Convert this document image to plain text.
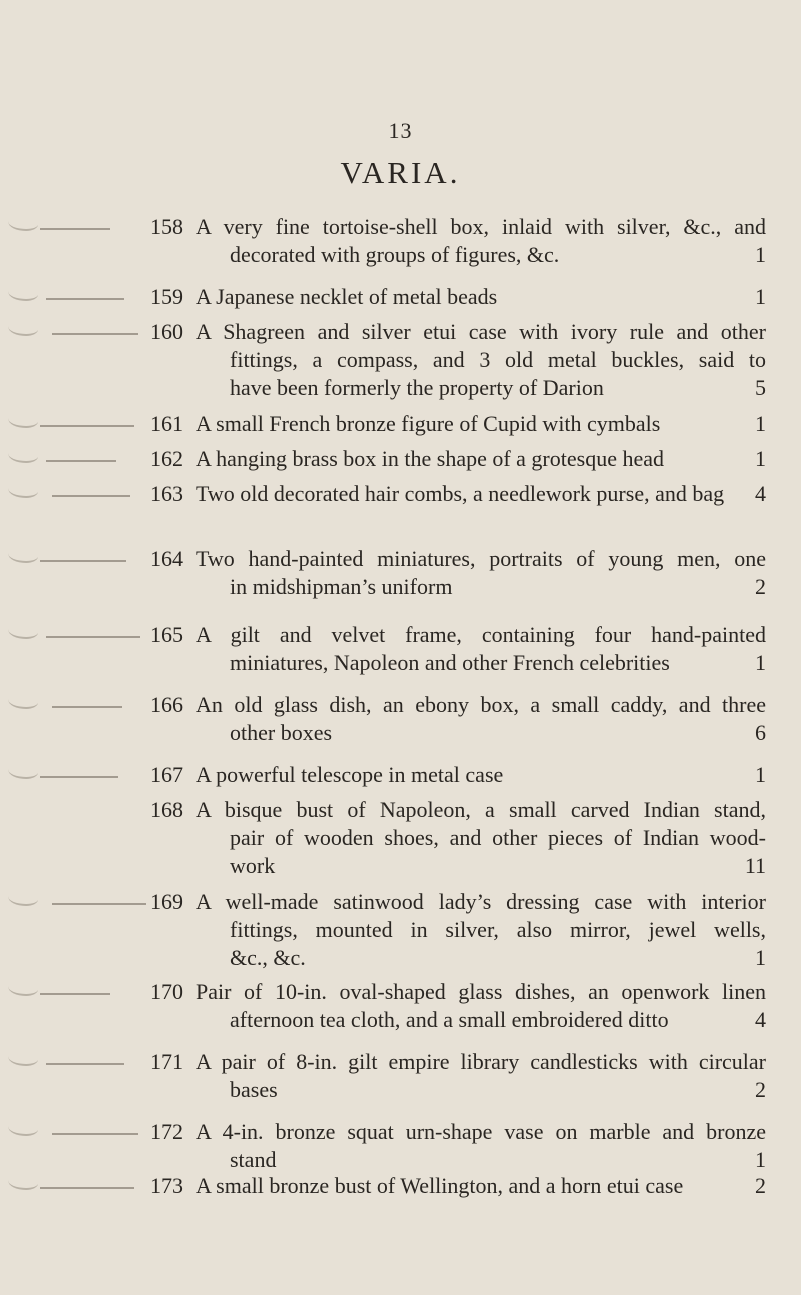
13
VARIA.
158 A very fine tortoise-shell box, inlaid with silver, &c., and
decorated with groups of figures, &c.	1
159 A Japanese necklet of metal beads	1
160 A Shagreen and silver etui case with ivory rule and other
fittings, a compass, and 3 old metal buckles, said to
have been formerly the property of Darion	5
161 A small French bronze figure of Cupid with cymbals	1
162 A hanging brass box in the shape of a grotesque head	1
163 Two old decorated hair combs, a needlework purse, and bag 4
164 Two hand-painted miniatures, portraits of young men, one
in midshipman’s uniform	2
165 A gilt and velvet frame, containing four hand-painted
miniatures, Napoleon and other French celebrities	1
166 An old glass dish, an ebony box, a small caddy, and three
other boxes	6
167 A powerful telescope in metal case	1
168 A bisque bust of Napoleon, a small carved Indian stand,
pair of wooden shoes, and other pieces of Indian wood-
work	11
169 A well-made satinwood lady’s dressing case with interior
fittings, mounted in silver, also mirror, jewel wells,
&c., &c.	1
170 Pair of 10-in. oval-shaped glass dishes, an openwork linen
afternoon tea cloth, and a small embroidered ditto	4
171 A pair of 8-in. gilt empire library candlesticks with circular
bases	2
172 A 4-in. bronze squat urn-shape vase on marble and bronze
stand	1
173 A small bronze bust of Wellington, and a horn etui case	2
